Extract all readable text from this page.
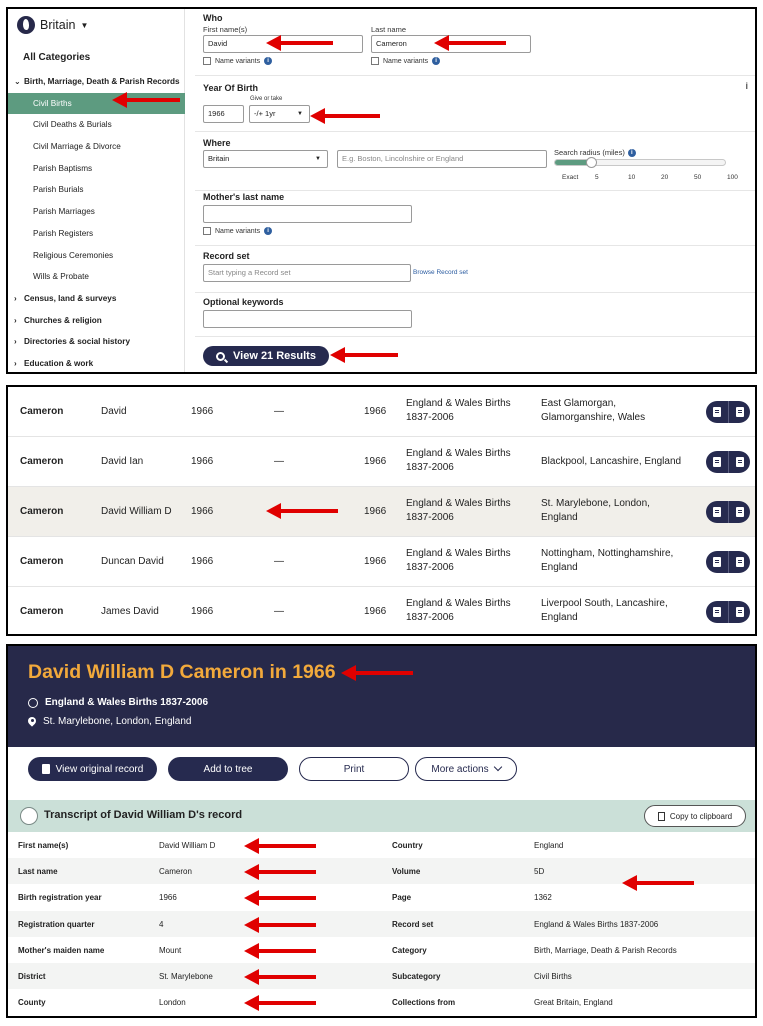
Britain ▼
All Categories
⌄ Birth, Marriage, Death & Parish Records
Civil Births
Civil Deaths & Burials
Civil Marriage & Divorce
Parish Baptisms
Parish Burials
Parish Marriages
Parish Registers
Religious Ceremonies
Wills & Probate
› Census, land & surveys
› Churches & religion
› Directories & social history
› Education & work
Who
First name(s)
David
Name variants	i
Last name
Cameron
Name variants	i
i
Year Of Birth
Give or take
1966	-/+ 1yr	▼
Where
Britain	▼	E.g. Boston, Lincolnshire or England
Search radius (miles)	i
Exact	5	10	20	50	100
Mother's last name
Name variants	i
Record set
Start typing a Record set	Browse Record set
Optional keywords
View 21 Results
Cameron	David	1966	—	1966
England & Wales Births
1837-2006
East Glamorgan,
Glamorganshire, Wales
Cameron	David Ian	1966	—	1966
England & Wales Births
1837-2006
Blackpool, Lancashire, England
Cameron	David William D 1966	1966
England & Wales Births
1837-2006
St. Marylebone, London,
England
Cameron	Duncan David	1966	—	1966
England & Wales Births
1837-2006
Nottingham, Nottinghamshire,
England
Cameron	James David	1966	—	1966
England & Wales Births
1837-2006
Liverpool South, Lancashire,
England
David William D Cameron in 1966
England & Wales Births 1837-2006
St. Marylebone, London, England
View original record	Add to tree	Print	More actions
Transcript of David William D's record	Copy to clipboard
First name(s)	David William D	Country	England
Last name	Cameron	Volume	5D
Birth registration year	1966	Page	1362
Registration quarter	4	Record set	England & Wales Births 1837-2006
Mother's maiden name	Mount	Category	Birth, Marriage, Death & Parish Records
District	St. Marylebone	Subcategory	Civil Births
County	London	Collections from	Great Britain, England
